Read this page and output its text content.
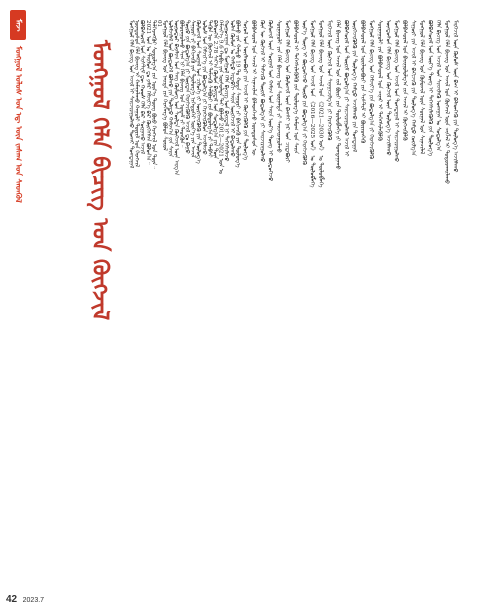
ᠮᠠᠵ
ᠮᠣᠩᠭᠣᠯ ᠤᠯᠤᠰ ᠤᠨ ᠡᠳ᠋ ᠦᠨ ᠵᠠᠰᠠᠭ ᠤᠨ ᠰᠡᠳᠬᠦᠯ	ᠮᠣᠩᠭᠣᠯ ᠬᠡᠯᠡ ᠪᠢᠴᠢᠭ ᠤᠨ ᠬᠥᠭᠵᠢᠯ	ᠮᠣᠩᠭᠣᠯ ᠬᠡᠯᠡ ᠪᠢᠴᠢᠭ ᠤᠨ ᠠᠵᠢᠯ ᠢ ᠰᠠᠢᠵᠢᠷᠠᠭᠤᠯᠬᠤ ᠲᠤᠬᠠᠢ ᠲᠣᠭᠲᠠᠭᠠᠯ ᠦᠨᠳᠦᠰᠦᠨ ᠬᠡᠯᠡ ᠪᠢᠴᠢᠭ ᠢ ᠬᠠᠮᠠᠭᠠᠯᠠᠬᠤ ᠬᠠᠭᠤᠯᠢ ᠳᠦᠷᠢᠮ ᠤᠨ ᠬᠡᠷᠡᠭᠵᠢᠯ ᠪᠣᠯᠪᠠᠰᠤᠷᠠᠯ ᠤᠨ ᠰᠢᠰᠲ᠋ᠧᠮ ᠳᠦ ᠬᠣᠣᠰ ᠬᠡᠯᠡ ᠪᠡᠷ ᠰᠤᠷᠭᠠᠬᠤ ᠠᠵᠢᠯ 2021 ᠣᠨ ᠤ ᠲᠠᠢᠯᠤᠨ ᠳᠤ ᠶᠠᠮᠠᠷ ᠬᠡᠮᠵᠢᠶ᠎ᠡ ᠪᠠᠷ ᠬᠦᠷᠭᠡᠭᠰᠡᠨ ᠪᠣᠯᠣᠨ᠎ᠠ᠃ ᠳᠡᠯᠭᠡᠷᠡᠩᠭᠦᠢ ᠰᠤᠳᠤᠯᠭ᠎ᠠ ᠶᠢᠨ ᠦᠷ᠎ᠡ ᠳᠦᠩ ᠪᠤᠶᠤ ᠬᠡᠷᠡᠭᠵᠢᠯ ᠤᠨ ᠳᠦᠨ᠃ 01 ᠮᠣᠩᠭᠣᠯ ᠬᠡᠯᠡ ᠪᠢᠴᠢᠭ ᠤᠨ ᠨᠡᠢᠲᠡ ᠶᠢᠨ ᠬᠡᠷᠡᠭᠯᠡᠭ᠎ᠡ ᠪᠣᠯᠤᠨ ᠰᠣᠶᠣᠯ ᠤᠯᠠᠮᠵᠢᠯᠠᠯ ᠤᠨ ᠪᠦᠲᠦᠭᠡᠯ ᠪᠣᠯᠬᠤ ᠶᠢᠨ ᠲᠤᠯᠠᠳᠤ ᠬᠠᠮᠢᠭ᠎ᠠ ᠶᠢᠨ ᠰᠠᠢᠨ ᠥᠨᠥᠳᠥᠷ ᠪᠠᠶᠠᠯᠢᠭ ᠤᠨ ᠰᠠᠩ ᠬᠥᠮᠦᠩ ᠤᠨ ᠰᠦᠯᠳᠡ ᠬᠥᠬᠡᠵᠢᠯ ᠦᠨ ᠠᠷᠭ᠎ᠠ ᠪᠣᠯᠣᠷᠠᠭᠤᠯᠬᠤ ᠰᠢᠭ᠋ ᠨᠢ ᠬᠡᠯᠡ ᠪᠢᠴᠢᠭ ᠤᠨ ᠤᠳᠠᠮ ᠵᠢ ᠲᠡᠳᠬᠦᠨ᠃ ᠲᠥᠷᠥ ᠶᠢᠨ ᠪᠣᠳᠣᠯᠭ᠎ᠠ ᠶᠢ ᠮᠥᠷᠳᠡᠨ ᠬᠡᠷᠡᠭᠵᠢᠭᠦᠯᠬᠦ ᠠᠵᠢᠯ ᠳᠤ ᠪᠠᠭᠤ ᠰᠠᠭᠤᠷᠢ ᠶᠢ ᠪᠡᠬᠢᠵᠢᠬᠦ ᠶᠢᠨ ᠲᠥᠯᠥᠭ᠎ᠡ ᠨᠢᠭᠡᠳᠦᠭᠡᠷ ᠦᠶ᠎ᠡ ᠶᠢᠨ ᠠᠵᠢᠯ ᠬᠦᠮᠦᠵᠢᠯ ᠤᠨ ᠰᠤᠷᠭᠠᠯ ᠤᠨ ᠴᠢᠯᠦᠭᠡ ᠵᠢ ᠥᠷᠭᠡᠵᠢᠭᠦᠯᠬᠦ ᠶᠢᠨ ᠲᠥᠯᠥᠭ᠎ᠡ ᠤᠯᠤᠰ ᠤᠨ ᠬᠡᠮᠵᠢᠶ᠎ᠡ ᠶᠢᠨ ᠪᠣᠳᠣᠯᠭ᠎ᠠ ᠶᠢ ᠬᠡᠷᠡᠭᠵᠢᠭᠦᠯᠦᠨ ᠠᠵᠢᠯᠯᠠᠵᠤ ᠲᠡᠭᠦᠨ ᠦ ᠬᠥᠭᠵᠢᠯ ᠢ ᠳᠡᠮᠵᠢᠬᠦ ᠰᠠᠯᠪᠤᠷᠢ ᠶᠢᠨ ᠪᠣᠳᠣᠯᠭ᠎ᠠ ᠶᠢ ᠳᠡᠪᠰᠢ ᠪᠡᠯᠡᠳᠬᠡᠨ 2.78 ᠰᠠᠶ᠎ᠠ ᠬᠦᠮᠦᠨ ᠪᠠᠶᠢᠳᠠᠯ ᠤᠨ ᠰᠤᠳᠤᠯᠭ᠎ᠠ ᠶᠢᠨ ᠳᠦᠨ ᠬᠡᠮᠵᠢᠶ᠎ᠡ 9.6 ᠬᠤᠪᠢ ᠶᠢᠨ ᠥᠰᠦᠯᠲᠡ ᠲᠠᠢ ᠪᠣᠯᠵᠤ 2012—2021 ᠣᠨ ᠤ ᠬᠤᠭᠤᠴᠠᠭᠠᠨ ᠳᠤ ᠮᠣᠩᠭᠣᠯ ᠬᠡᠯᠡ ᠪᠢᠴᠢᠭ ᠤᠨ ᠪᠠᠶᠢᠳᠠᠯ ᠨᠢ ᠳᠡᠭᠡᠭᠰᠢᠯᠡᠵᠦ ᠣᠯᠠᠨ ᠬᠦᠮᠦᠨ ᠤ ᠬᠠᠮᠲᠤ ᠢᠳᠡᠪᠬᠢ ᠰᠠᠶ᠋ᠢᠨ ᠥᠷᠭᠡᠵᠢᠯ ᠢ ᠪᠠᠲᠤᠯᠠᠬᠤ ᠪᠣᠯᠬᠤ ᠶᠢᠨ ᠬᠠᠮᠲᠤ 19 ᠲᠣ ᠬᠣᠲᠠ ᠰᠠᠭᠤᠷᠢ ᠶᠢ ᠪᠡᠬᠢᠵᠢᠬᠦ ᠶᠢᠨ ᠲᠥᠯᠥᠭ᠎ᠡ ᠰᠣᠶᠣᠯ ᠤᠨ ᠦᠢᠯᠡᠳᠪᠦᠷᠢ ᠶᠢᠨ ᠠᠵᠢᠯ ᠢ ᠬᠥᠭᠵᠢᠭᠦᠯᠬᠦ ᠶᠢᠨ ᠲᠥᠯᠥᠭ᠎ᠡ ᠪᠣᠯᠪᠠᠰᠤᠷᠠᠯ ᠤᠨ ᠠᠵᠢᠯ ᠢ ᠰᠢᠨᠡᠴᠢᠯᠡᠨ ᠪᠡᠯᠡᠳᠬᠡᠵᠦ ᠦᠨᠳᠦᠰᠦᠨ ᠦ ᠬᠦᠨ ᠦ ᠬᠥᠭᠵᠢᠯ ᠢ ᠳᠡᠮᠵᠢᠬᠦ ᠳᠦᠷᠢᠮ ᠪᠣᠳᠣᠯᠭ᠎ᠠ ᠶᠢ ᠰᠠᠢᠵᠢᠷᠠᠭᠤᠯᠬᠤ ᠬᠦᠮᠦᠵᠢᠯ ᠦᠨ ᠰᠤᠷᠭᠠᠯ ᠤᠨ ᠬᠠᠮᠢᠭ ᠤᠨ ᠰᠠᠢᠨ ᠦᠷ᠎ᠡ ᠳᠦᠩ ᠢ ᠪᠦᠲᠦᠭᠡᠵᠦ ᠰᠤᠷᠭᠠᠭᠤᠯᠢ ᠶᠢᠨ ᠬᠡᠯᠡ ᠪᠢᠴᠢᠭ ᠤᠨ ᠰᠤᠷᠭᠠᠯᠲᠠ ᠶᠢ ᠰᠠᠢᠵᠢᠷᠠᠭᠤᠯᠬᠤ ᠮᠣᠩᠭᠣᠯ ᠬᠡᠯᠡ ᠪᠢᠴᠢᠭ ᠤᠨ ᠬᠦᠮᠦᠵᠢᠯ ᠦᠨ ᠪᠠᠭᠰᠢ ᠨᠠᠷ ᠤᠨ ᠴᠢᠳᠠᠪᠤᠷᠢ ᠪᠣᠯᠪᠠᠰᠤᠷᠠᠯ ᠢ ᠳᠡᠭᠡᠭᠰᠢᠯᠡᠭᠦᠯᠬᠦ ᠶᠢᠨ ᠲᠥᠯᠥᠭ᠎ᠡ ᠬᠠᠮᠤᠭ ᠤᠨ ᠰᠠᠢᠨ ᠦᠷ᠎ᠡ ᠳᠦᠩ ᠢ ᠪᠦᠲᠦᠭᠡᠵᠦ ᠲᠥᠷᠥ ᠶᠢᠨ ᠪᠣᠳᠣᠯᠭ᠎ᠠ ᠶᠢ ᠬᠡᠷᠡᠭᠵᠢᠭᠦᠯᠬᠦ ᠮᠣᠩᠭᠣᠯ ᠬᠡᠯᠡ ᠪᠢᠴᠢᠭ ᠤᠨ ᠠᠵᠢᠯ ᠤᠨ 《2016—2025 ᠣᠨ》 ᠤ ᠲᠥᠯᠥᠪᠯᠡᠭᠡ ᠮᠣᠩᠭᠣᠯ ᠬᠡᠯᠡ ᠪᠢᠴᠢᠭ ᠤᠨ ᠠᠵᠢᠯ ᠤᠨ 《2021—2030 ᠣᠨ》 ᠤ ᠲᠥᠯᠥᠪᠯᠡᠭᠡ ᠮᠡᠷᠭᠡᠵᠢᠯ ᠦᠨ ᠬᠥᠭᠵᠢᠯ ᠤᠨ ᠰᠠᠨᠠᠭᠠᠴᠢᠯᠭ᠎ᠠ ᠶᠢ ᠬᠡᠷᠡᠭᠵᠢᠭᠦᠯᠬᠦ ᠬᠡᠯᠡ ᠪᠢᠴᠢᠭ ᠤᠨ ᠠᠵᠢᠯ ᠤᠨ ᠵᠢᠯ ᠪᠦᠷᠢ ᠶᠢᠨ ᠲᠥᠯᠥᠪᠯᠡᠭᠡ ᠶᠢ ᠲᠣᠭᠲᠠᠭᠠᠬᠤ ᠪᠣᠯᠪᠠᠰᠤᠷᠠᠯ ᠤᠨ ᠳᠦᠷᠢᠮ ᠪᠣᠳᠣᠯᠭ᠎ᠠ ᠶᠢ ᠰᠠᠢᠵᠢᠷᠠᠭᠤᠯᠬᠤ ᠠᠵᠢᠯ ᠢ ᠥᠷᠭᠡᠵᠢᠭᠦᠯᠬᠦ ᠶᠢᠨ ᠲᠥᠯᠥᠭ᠎ᠡ ᠬᠠᠮᠲᠤ ᠠᠵᠢᠯᠯᠠᠬᠤ ᠶᠢᠨ ᠲᠣᠭᠲᠠᠭᠠᠯ ᠪᠣᠯᠪᠠᠰᠤᠷᠠᠯ ᠤᠨ ᠦᠢᠯᠡᠳᠪᠦᠷᠢ ᠶᠢᠨ ᠰᠢᠰᠲ᠋ᠧᠮ ᠢ ᠪᠦᠷᠢᠳᠬᠡᠬᠦ ᠮᠣᠩᠭᠣᠯ ᠬᠡᠯᠡ ᠪᠢᠴᠢᠭ ᠤᠨ ᠬᠡᠮᠵᠢᠶ᠎ᠡ ᠶᠢᠨ ᠪᠣᠳᠣᠯᠭ᠎ᠠ ᠶᠢ ᠬᠡᠷᠡᠭᠵᠢᠭᠦᠯᠬᠦ ᠰᠤᠷᠭᠠᠭᠤᠯᠢ ᠶᠢᠨ ᠪᠣᠯᠪᠠᠰᠤᠷᠠᠯ ᠤᠨ ᠴᠢᠨᠠᠷ ᠢ ᠳᠡᠭᠡᠭᠰᠢᠯᠡᠭᠦᠯᠬᠦ ᠦᠨᠳᠦᠰᠦᠨ ᠬᠡᠯᠡ ᠪᠢᠴᠢᠭ ᠤᠨ ᠬᠥᠭᠵᠢᠯ ᠦᠨ ᠲᠥᠯᠥᠭ᠎ᠡ ᠠᠵᠢᠯᠯᠠᠬᠤ ᠮᠣᠩᠭᠣᠯ ᠬᠡᠯᠡ ᠪᠢᠴᠢᠭ ᠤᠨ ᠠᠵᠢᠯ ᠤᠨ ᠲᠣᠭᠲᠠᠭᠠᠯ ᠢ ᠰᠠᠢᠵᠢᠷᠠᠭᠤᠯᠬᠤ ᠪᠣᠯᠪᠠᠰᠤᠷᠠᠯ ᠤᠨ ᠪᠠᠶᠢᠭᠤᠯᠤᠯᠭ᠎ᠠ ᠶᠢᠨ ᠠᠵᠢᠯ ᠢ ᠬᠥᠭᠵᠢᠭᠦᠯᠬᠦ ᠰᠠᠭᠤᠷᠢ ᠶᠢᠨ ᠠᠵᠢᠯ ᠢ ᠪᠡᠬᠢᠵᠢᠬᠦ ᠶᠢᠨ ᠲᠥᠯᠥᠭ᠎ᠡ ᠬᠠᠮᠲᠤ ᠵᠣᠷᠢᠯᠭ᠎ᠠ ᠮᠣᠩᠭᠣᠯ ᠬᠡᠯᠡ ᠪᠢᠴᠢᠭ ᠤᠨ ᠬᠦᠮᠦᠵᠢᠯ ᠦᠨ ᠰᠤᠷᠭᠠᠯ ᠤᠨ ᠰᠢᠨᠡᠴᠢᠯᠡᠯ ᠪᠣᠯᠪᠠᠰᠤᠷᠠᠯ ᠤᠨ ᠦᠷ᠎ᠡ ᠳᠦᠩ ᠢ ᠳᠡᠭᠡᠭᠰᠢᠯᠡᠭᠦᠯᠬᠦ ᠶᠢᠨ ᠲᠥᠯᠥᠭ᠎ᠡ ᠬᠡᠯᠡ ᠪᠢᠴᠢᠭ ᠤᠨ ᠠᠵᠢᠯ ᠤᠨ ᠰᠢᠨᠵᠢᠯᠡᠬᠦ ᠤᠬᠠᠭᠠᠨ ᠤ ᠰᠤᠳᠤᠯᠭ᠎ᠠ ᠮᠣᠩᠭᠣᠯ ᠬᠡᠯᠡ ᠪᠢᠴᠢᠭ ᠤᠨ ᠠᠵᠢᠯ ᠤᠨ ᠬᠥᠭᠵᠢᠯ ᠦᠨ ᠴᠢᠭᠯᠡᠯ ᠢ ᠲᠣᠳᠣᠷᠬᠠᠢᠯᠠᠬᠤ ᠮᠡᠷᠭᠡᠵᠢᠯ ᠦᠨ ᠬᠦᠮᠦᠰ ᠦᠨ ᠪᠠᠭ ᠢ ᠪᠡᠯᠡᠳᠬᠡᠬᠦ ᠶᠢᠨ ᠲᠥᠯᠥᠭ᠎ᠡ ᠠᠵᠢᠯᠯᠠᠬᠤ
42 2023.7
